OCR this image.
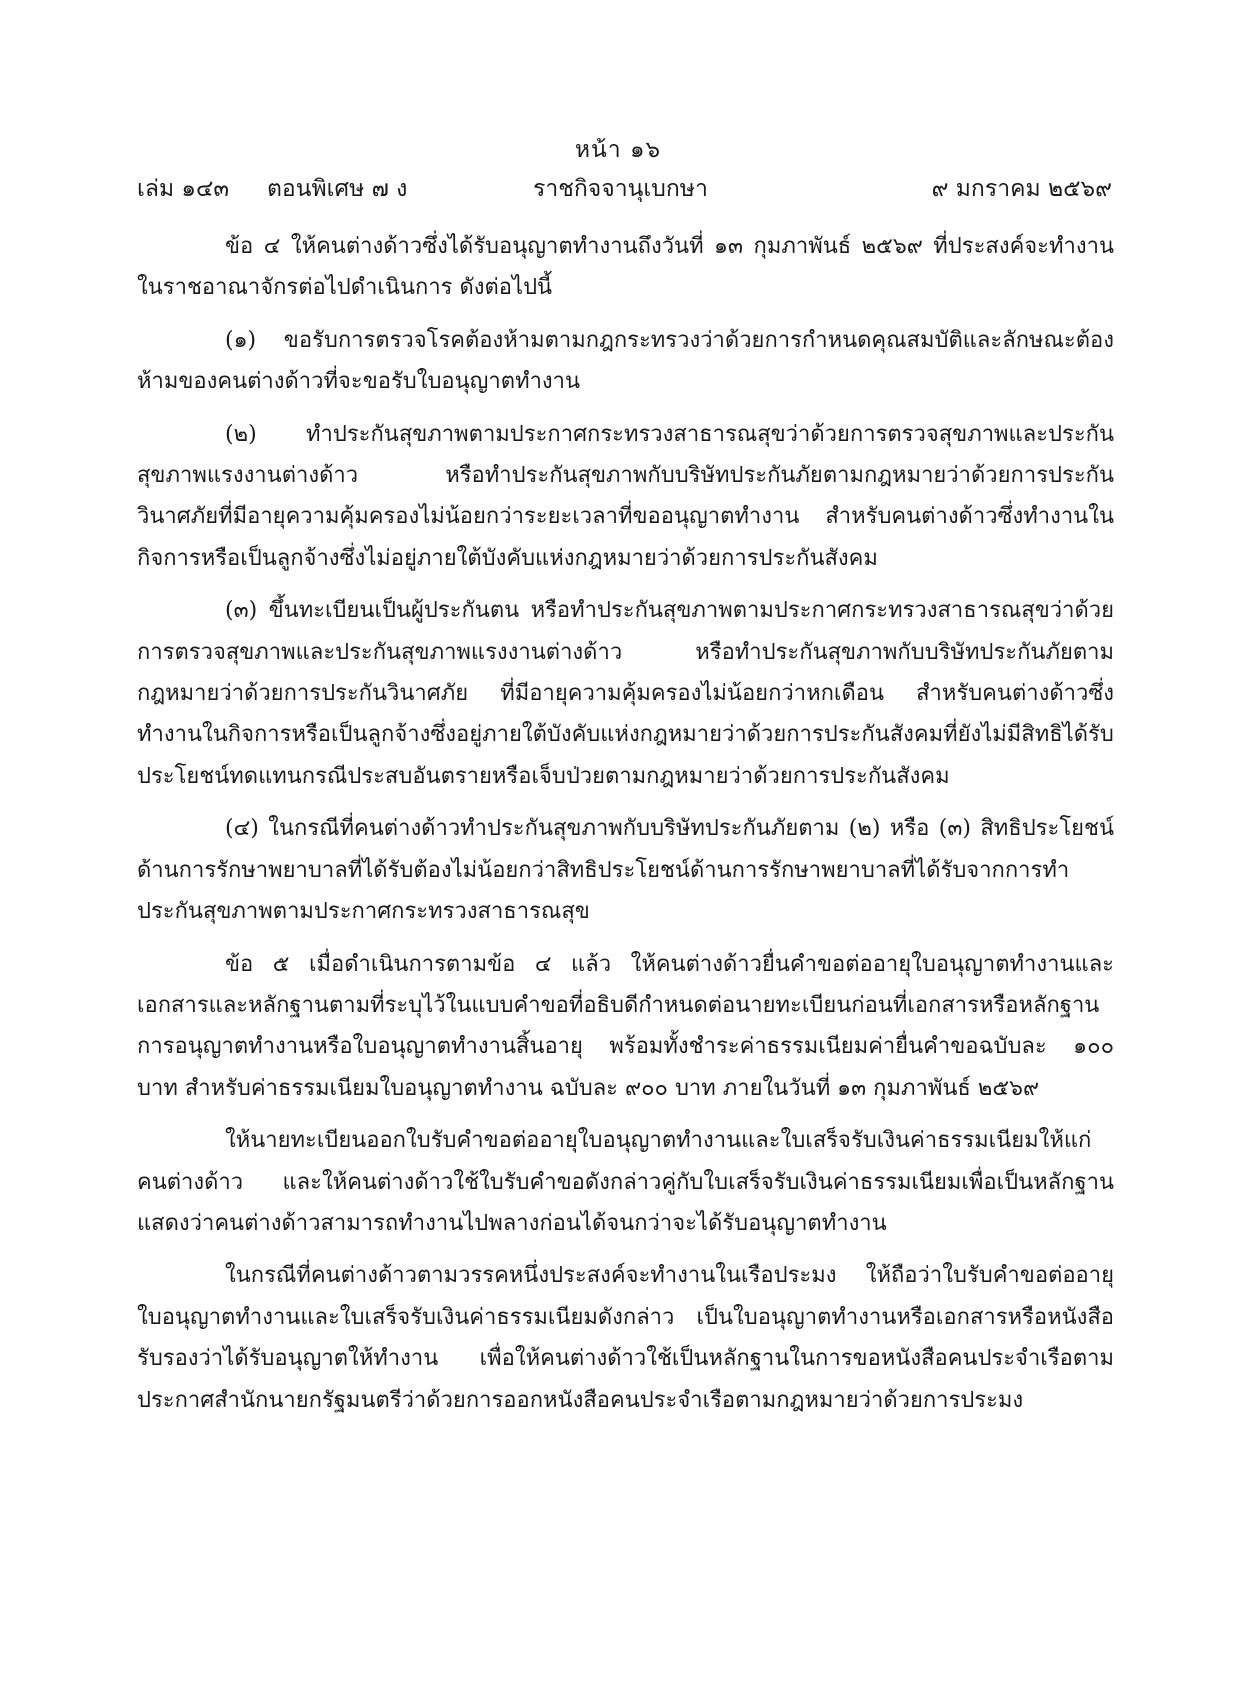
หน้า ๑๖
เล่ม ๑๔๓ ตอนพิเศษ ๗ ง	ราชกิจจานุเบกษา	๙ มกราคม ๒๕๖๙

ข้อ ๔ ให้คนต่างด้าวซึ่งได้รับอนุญาตทำงานถึงวันที่ ๑๓ กุมภาพันธ์ ๒๕๖๙ ที่ประสงค์จะทำงานในราชอาณาจักรต่อไปดำเนินการ ดังต่อไปนี้

(๑) ขอรับการตรวจโรคต้องห้ามตามกฎกระทรวงว่าด้วยการกำหนดคุณสมบัติและลักษณะต้องห้ามของคนต่างด้าวที่จะขอรับใบอนุญาตทำงาน

(๒) ทำประกันสุขภาพตามประกาศกระทรวงสาธารณสุขว่าด้วยการตรวจสุขภาพและประกันสุขภาพแรงงานต่างด้าว หรือทำประกันสุขภาพกับบริษัทประกันภัยตามกฎหมายว่าด้วยการประกันวินาศภัยที่มีอายุความคุ้มครองไม่น้อยกว่าระยะเวลาที่ขออนุญาตทำงาน สำหรับคนต่างด้าวซึ่งทำงานในกิจการหรือเป็นลูกจ้างซึ่งไม่อยู่ภายใต้บังคับแห่งกฎหมายว่าด้วยการประกันสังคม

(๓) ขึ้นทะเบียนเป็นผู้ประกันตน หรือทำประกันสุขภาพตามประกาศกระทรวงสาธารณสุขว่าด้วยการตรวจสุขภาพและประกันสุขภาพแรงงานต่างด้าว หรือทำประกันสุขภาพกับบริษัทประกันภัยตามกฎหมายว่าด้วยการประกันวินาศภัย ที่มีอายุความคุ้มครองไม่น้อยกว่าหกเดือน สำหรับคนต่างด้าวซึ่งทำงานในกิจการหรือเป็นลูกจ้างซึ่งอยู่ภายใต้บังคับแห่งกฎหมายว่าด้วยการประกันสังคมที่ยังไม่มีสิทธิได้รับประโยชน์ทดแทนกรณีประสบอันตรายหรือเจ็บป่วยตามกฎหมายว่าด้วยการประกันสังคม

(๔) ในกรณีที่คนต่างด้าวทำประกันสุขภาพกับบริษัทประกันภัยตาม (๒) หรือ (๓) สิทธิประโยชน์ด้านการรักษาพยาบาลที่ได้รับต้องไม่น้อยกว่าสิทธิประโยชน์ด้านการรักษาพยาบาลที่ได้รับจากการทำประกันสุขภาพตามประกาศกระทรวงสาธารณสุข

ข้อ ๕ เมื่อดำเนินการตามข้อ ๔ แล้ว ให้คนต่างด้าวยื่นคำขอต่ออายุใบอนุญาตทำงานและเอกสารและหลักฐานตามที่ระบุไว้ในแบบคำขอที่อธิบดีกำหนดต่อนายทะเบียนก่อนที่เอกสารหรือหลักฐานการอนุญาตทำงานหรือใบอนุญาตทำงานสิ้นอายุ พร้อมทั้งชำระค่าธรรมเนียมค่ายื่นคำขอฉบับละ ๑๐๐ บาท สำหรับค่าธรรมเนียมใบอนุญาตทำงาน ฉบับละ ๙๐๐ บาท ภายในวันที่ ๑๓ กุมภาพันธ์ ๒๕๖๙

ให้นายทะเบียนออกใบรับคำขอต่ออายุใบอนุญาตทำงานและใบเสร็จรับเงินค่าธรรมเนียมให้แก่คนต่างด้าว และให้คนต่างด้าวใช้ใบรับคำขอดังกล่าวคู่กับใบเสร็จรับเงินค่าธรรมเนียมเพื่อเป็นหลักฐานแสดงว่าคนต่างด้าวสามารถทำงานไปพลางก่อนได้จนกว่าจะได้รับอนุญาตทำงาน

ในกรณีที่คนต่างด้าวตามวรรคหนึ่งประสงค์จะทำงานในเรือประมง ให้ถือว่าใบรับคำขอต่ออายุใบอนุญาตทำงานและใบเสร็จรับเงินค่าธรรมเนียมดังกล่าว เป็นใบอนุญาตทำงานหรือเอกสารหรือหนังสือรับรองว่าได้รับอนุญาตให้ทำงาน เพื่อให้คนต่างด้าวใช้เป็นหลักฐานในการขอหนังสือคนประจำเรือตามประกาศสำนักนายกรัฐมนตรีว่าด้วยการออกหนังสือคนประจำเรือตามกฎหมายว่าด้วยการประมง
